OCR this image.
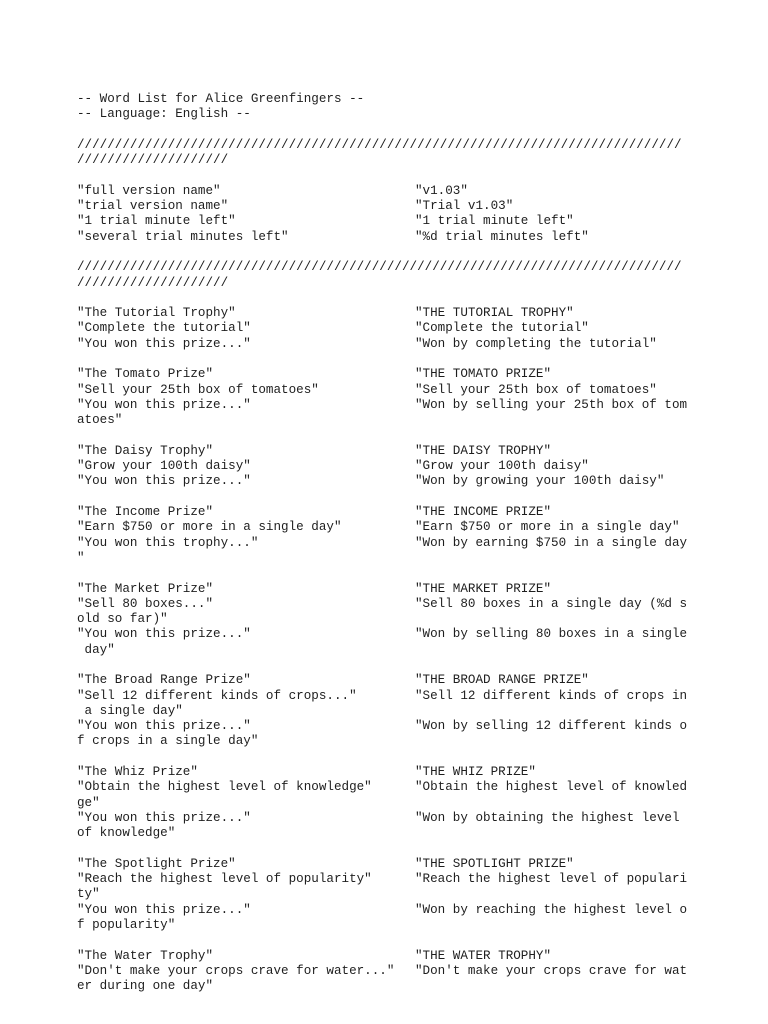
-- Word List for Alice Greenfingers --
-- Language: English --
////////////////////////////////////////////////////////////////////////////////
////////////////////
"full version name"	"v1.03"
"trial version name"	"Trial v1.03"
"1 trial minute left"	"1 trial minute left"
"several trial minutes left"	"%d trial minutes left"
////////////////////////////////////////////////////////////////////////////////
////////////////////
"The Tutorial Trophy"	"THE TUTORIAL TROPHY"
"Complete the tutorial"	"Complete the tutorial"
"You won this prize..."	"Won by completing the tutorial"
"The Tomato Prize"	"THE TOMATO PRIZE"
"Sell your 25th box of tomatoes"	"Sell your 25th box of tomatoes"
"You won this prize..."	"Won by selling your 25th box of tom
atoes"
"The Daisy Trophy"	"THE DAISY TROPHY"
"Grow your 100th daisy"	"Grow your 100th daisy"
"You won this prize..."	"Won by growing your 100th daisy"
"The Income Prize"	"THE INCOME PRIZE"
"Earn $750 or more in a single day"	"Earn $750 or more in a single day"
"You won this trophy..."	"Won by earning $750 in a single day
"
"The Market Prize"	"THE MARKET PRIZE"
"Sell 80 boxes..."	"Sell 80 boxes in a single day (%d s
old so far)"
"You won this prize..."	"Won by selling 80 boxes in a single
day"
"The Broad Range Prize"	"THE BROAD RANGE PRIZE"
"Sell 12 different kinds of crops..."	"Sell 12 different kinds of crops in
a single day"
"You won this prize..."	"Won by selling 12 different kinds o
f crops in a single day"
"The Whiz Prize"	"THE WHIZ PRIZE"
"Obtain the highest level of knowledge"	"Obtain the highest level of knowled
ge"
"You won this prize..."	"Won by obtaining the highest level
of knowledge"
"The Spotlight Prize"	"THE SPOTLIGHT PRIZE"
"Reach the highest level of popularity"	"Reach the highest level of populari
ty"
"You won this prize..."	"Won by reaching the highest level o
f popularity"
"The Water Trophy"	"THE WATER TROPHY"
"Don't make your crops crave for water..." "Don't make your crops crave for wat
er during one day"
